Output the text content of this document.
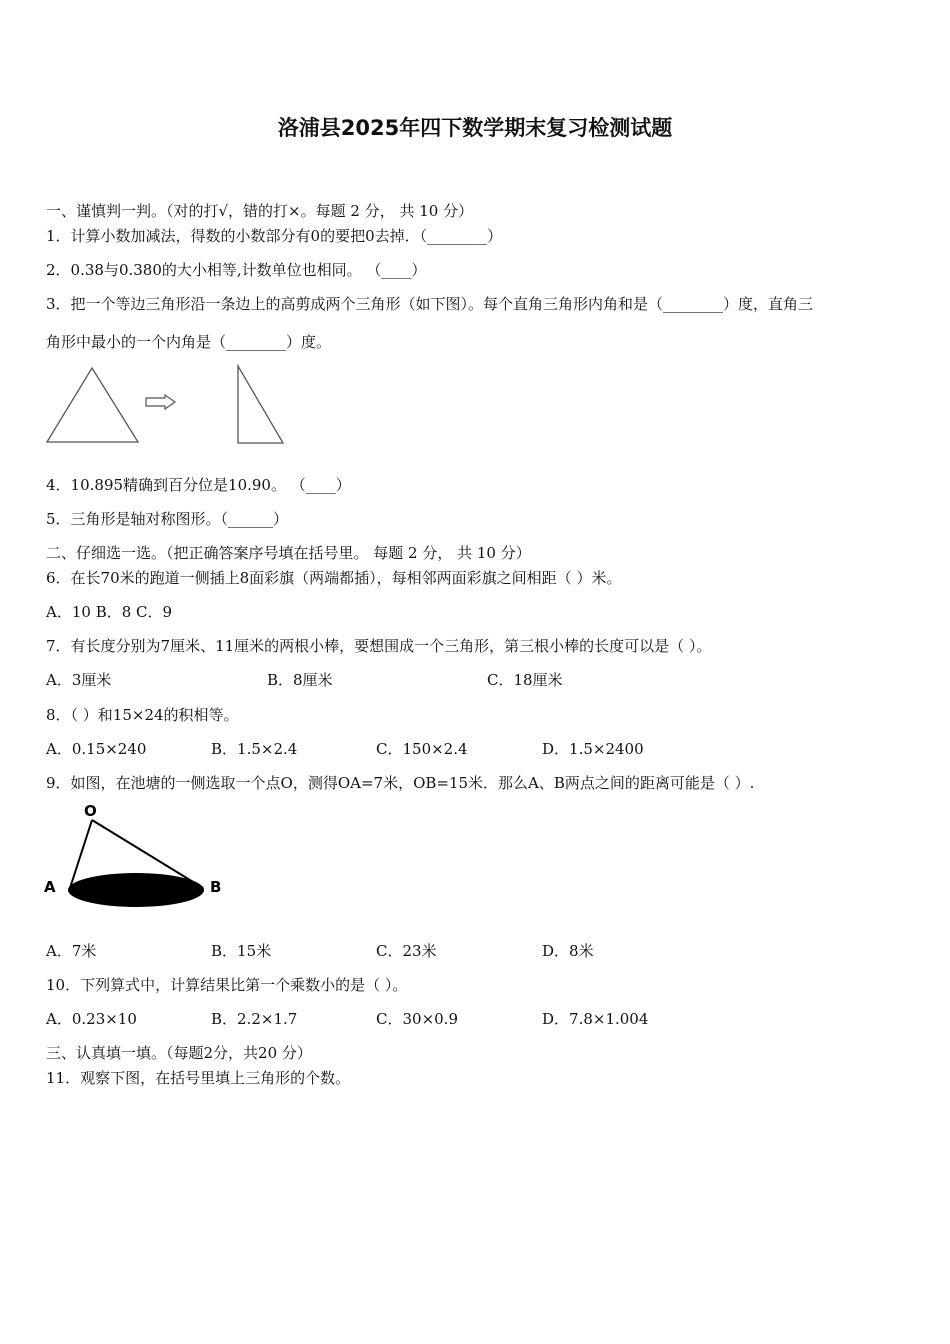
洛浦县2025年四下数学期末复习检测试题
一、谨慎判一判。（对的打√，错的打×。每题 2 分， 共 10 分）
1．计算小数加减法，得数的小数部分有0的要把0去掉．（________）
2．0.38与0.380的大小相等,计数单位也相同。 （____）
3．把一个等边三角形沿一条边上的高剪成两个三角形（如下图）。每个直角三角形内角和是（________）度，直角三
角形中最小的一个内角是（________）度。
4．10.895精确到百分位是10.90。 （____）
5．三角形是轴对称图形。（______）
二、仔细选一选。（把正确答案序号填在括号里。 每题 2 分， 共 10 分）
6．在长70米的跑道一侧插上8面彩旗（两端都插），每相邻两面彩旗之间相距（ ）米。
A．10 B．8 C．9
7．有长度分别为7厘米、11厘米的两根小棒，要想围成一个三角形，第三根小棒的长度可以是（ ）。
A．3厘米	B．8厘米	C．18厘米
8．（ ）和15×24的积相等。
A．0.15×240	B．1.5×2.4	C．150×2.4	D．1.5×2400
9．如图，在池塘的一侧选取一个点O，测得OA=7米，OB=15米．那么A、B两点之间的距离可能是（ ）.
O
A	B
A．7米	B．15米	C．23米	D．8米
10．下列算式中，计算结果比第一个乘数小的是（ ）。
A．0.23×10	B．2.2×1.7	C．30×0.9	D．7.8×1.004
三、认真填一填。（每题2分，共20 分）
11．观察下图，在括号里填上三角形的个数。
